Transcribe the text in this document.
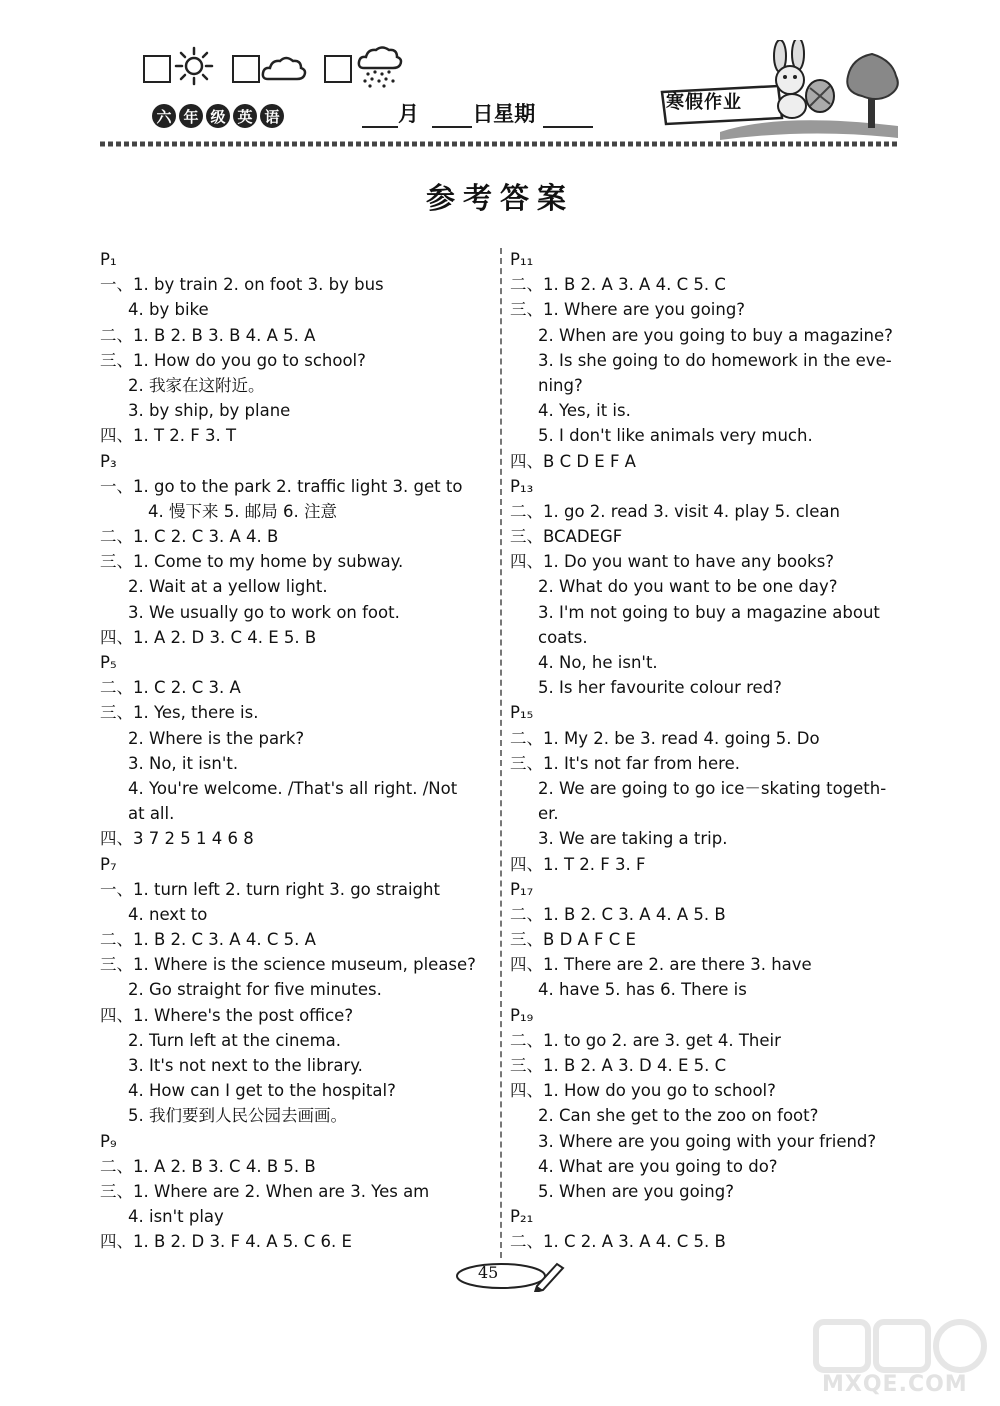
六 年 级 英 语	月	日星期	寒假作业
参考答案
P₁
一、1. by train 2. on foot 3. by bus
4. by bike
二、1. B 2. B 3. B 4. A 5. A
三、1. How do you go to school?
2. 我家在这附近。
3. by ship, by plane
四、1. T 2. F 3. T
P₃
一、1. go to the park 2. traffic light 3. get to
4. 慢下来 5. 邮局 6. 注意
二、1. C 2. C 3. A 4. B
三、1. Come to my home by subway.
2. Wait at a yellow light.
3. We usually go to work on foot.
四、1. A 2. D 3. C 4. E 5. B
P₅
二、1. C 2. C 3. A
三、1. Yes, there is.
2. Where is the park?
3. No, it isn't.
4. You're welcome. /That's all right. /Not
at all.
四、3 7 2 5 1 4 6 8
P₇
一、1. turn left 2. turn right 3. go straight
4. next to
二、1. B 2. C 3. A 4. C 5. A
三、1. Where is the science museum, please?
2. Go straight for five minutes.
四、1. Where's the post office?
2. Turn left at the cinema.
3. It's not next to the library.
4. How can I get to the hospital?
5. 我们要到人民公园去画画。
P₉
二、1. A 2. B 3. C 4. B 5. B
三、1. Where are 2. When are 3. Yes am
4. isn't play
四、1. B 2. D 3. F 4. A 5. C 6. E
P₁₁
二、1. B 2. A 3. A 4. C 5. C
三、1. Where are you going?
2. When are you going to buy a magazine?
3. Is she going to do homework in the eve-
ning?
4. Yes, it is.
5. I don't like animals very much.
四、B C D E F A
P₁₃
二、1. go 2. read 3. visit 4. play 5. clean
三、BCADEGF
四、1. Do you want to have any books?
2. What do you want to be one day?
3. I'm not going to buy a magazine about
coats.
4. No, he isn't.
5. Is her favourite colour red?
P₁₅
二、1. My 2. be 3. read 4. going 5. Do
三、1. It's not far from here.
2. We are going to go ice－skating togeth-
er.
3. We are taking a trip.
四、1. T 2. F 3. F
P₁₇
二、1. B 2. C 3. A 4. A 5. B
三、B D A F C E
四、1. There are 2. are there 3. have
4. have 5. has 6. There is
P₁₉
二、1. to go 2. are 3. get 4. Their
三、1. B 2. A 3. D 4. E 5. C
四、1. How do you go to school?
2. Can she get to the zoo on foot?
3. Where are you going with your friend?
4. What are you going to do?
5. When are you going?
P₂₁
二、1. C 2. A 3. A 4. C 5. B
45
MXQE.COM
